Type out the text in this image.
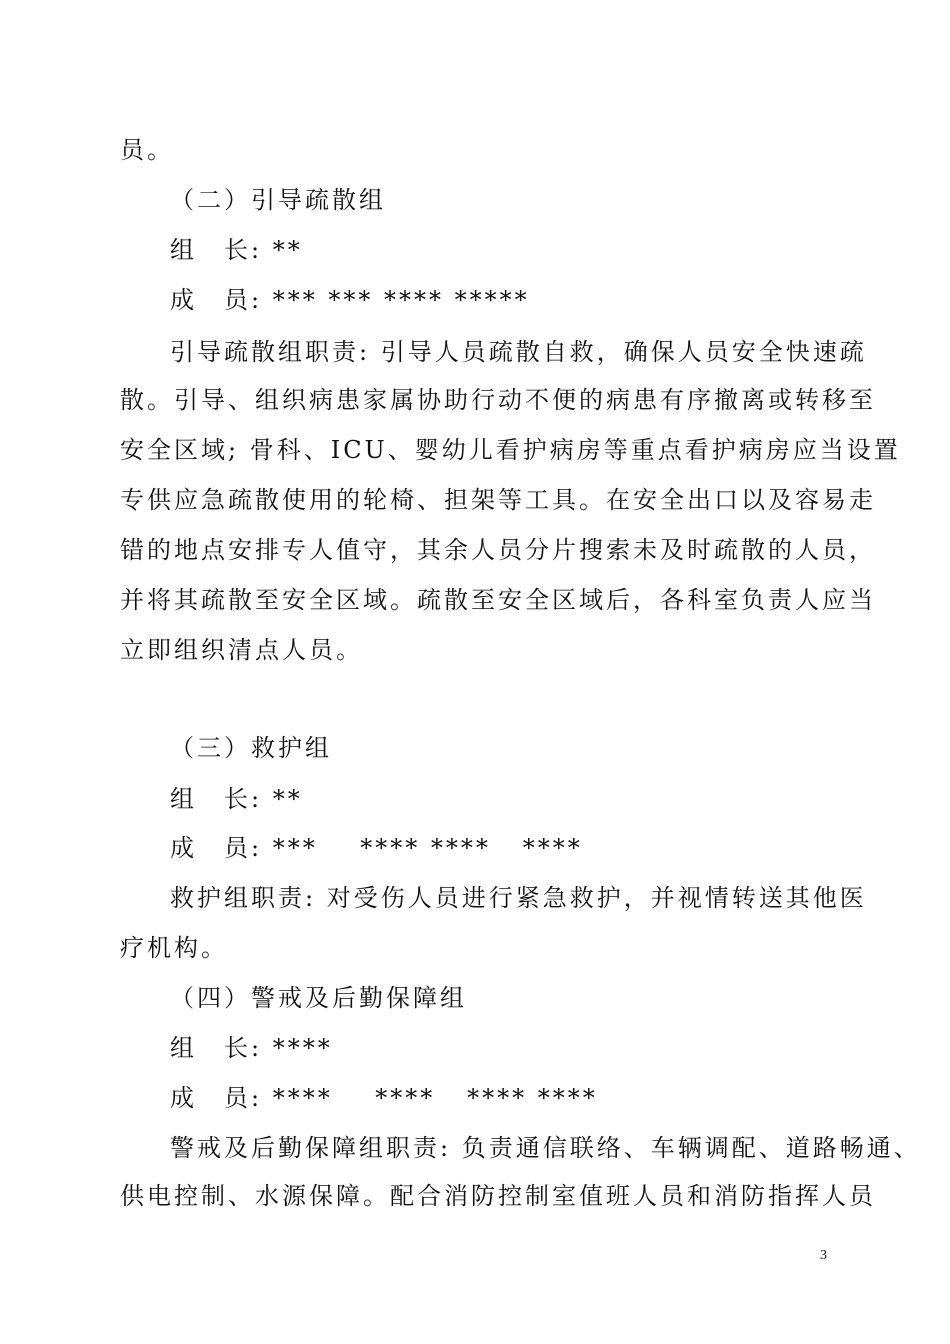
员。
（二）引导疏散组
组　长: **
成　员: *** *** **** *****
引导疏散组职责: 引导人员疏散自救，确保人员安全快速疏
散。引导、组织病患家属协助行动不便的病患有序撤离或转移至
安全区域; 骨科、ICU、婴幼儿看护病房等重点看护病房应当设置
专供应急疏散使用的轮椅、担架等工具。在安全出口以及容易走
错的地点安排专人值守，其余人员分片搜索未及时疏散的人员，
并将其疏散至安全区域。疏散至安全区域后，各科室负责人应当
立即组织清点人员。
（三）救护组
组　长: **
成　员: ***    **** ****   ****
救护组职责: 对受伤人员进行紧急救护，并视情转送其他医
疗机构。
（四）警戒及后勤保障组
组　长: ****
成　员: ****    ****   **** ****
警戒及后勤保障组职责: 负责通信联络、车辆调配、道路畅通、
供电控制、水源保障。配合消防控制室值班人员和消防指挥人员
3
